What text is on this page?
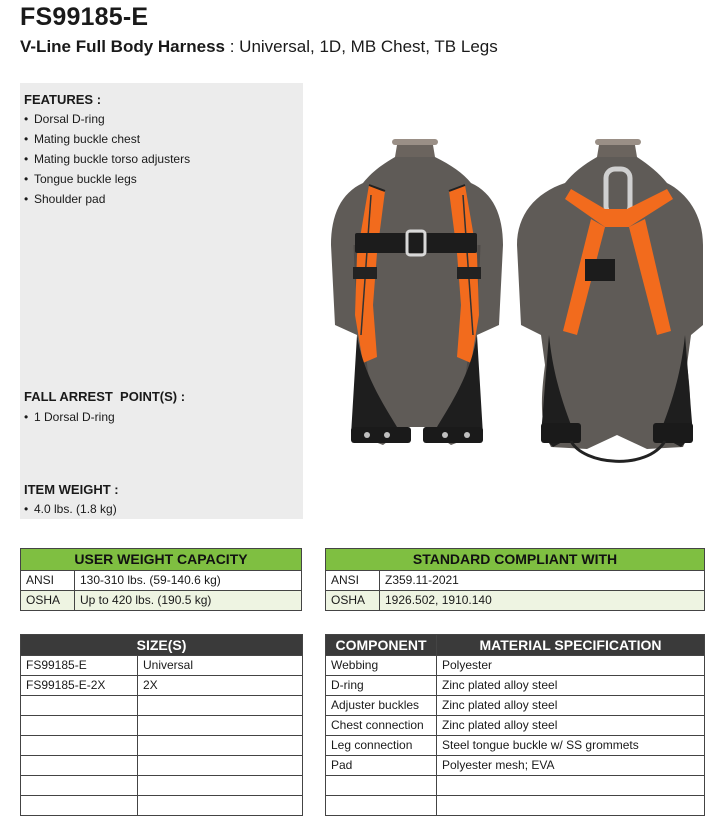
FS99185-E
V-Line Full Body Harness : Universal, 1D, MB Chest, TB Legs
FEATURES :
• Dorsal D-ring
• Mating buckle chest
• Mating buckle torso adjusters
• Tongue buckle legs
• Shoulder pad
FALL ARREST  POINT(S) :
• 1 Dorsal D-ring
ITEM WEIGHT :
• 4.0 lbs. (1.8 kg)
USER WEIGHT CAPACITY	
ANSI	130-310 lbs. (59-140.6 kg)
OSHA	Up to 420 lbs. (190.5 kg)
STANDARD COMPLIANT WITH	
ANSI	Z359.11-2021
OSHA	1926.502, 1910.140
SIZE(S)	
FS99185-E	Universal
FS99185-E-2X	2X

COMPONENT	MATERIAL SPECIFICATION
Webbing	Polyester
D-ring	Zinc plated alloy steel
Adjuster buckles	Zinc plated alloy steel
Chest connection	Zinc plated alloy steel
Leg connection	Steel tongue buckle w/ SS grommets
Pad	Polyester mesh; EVA
